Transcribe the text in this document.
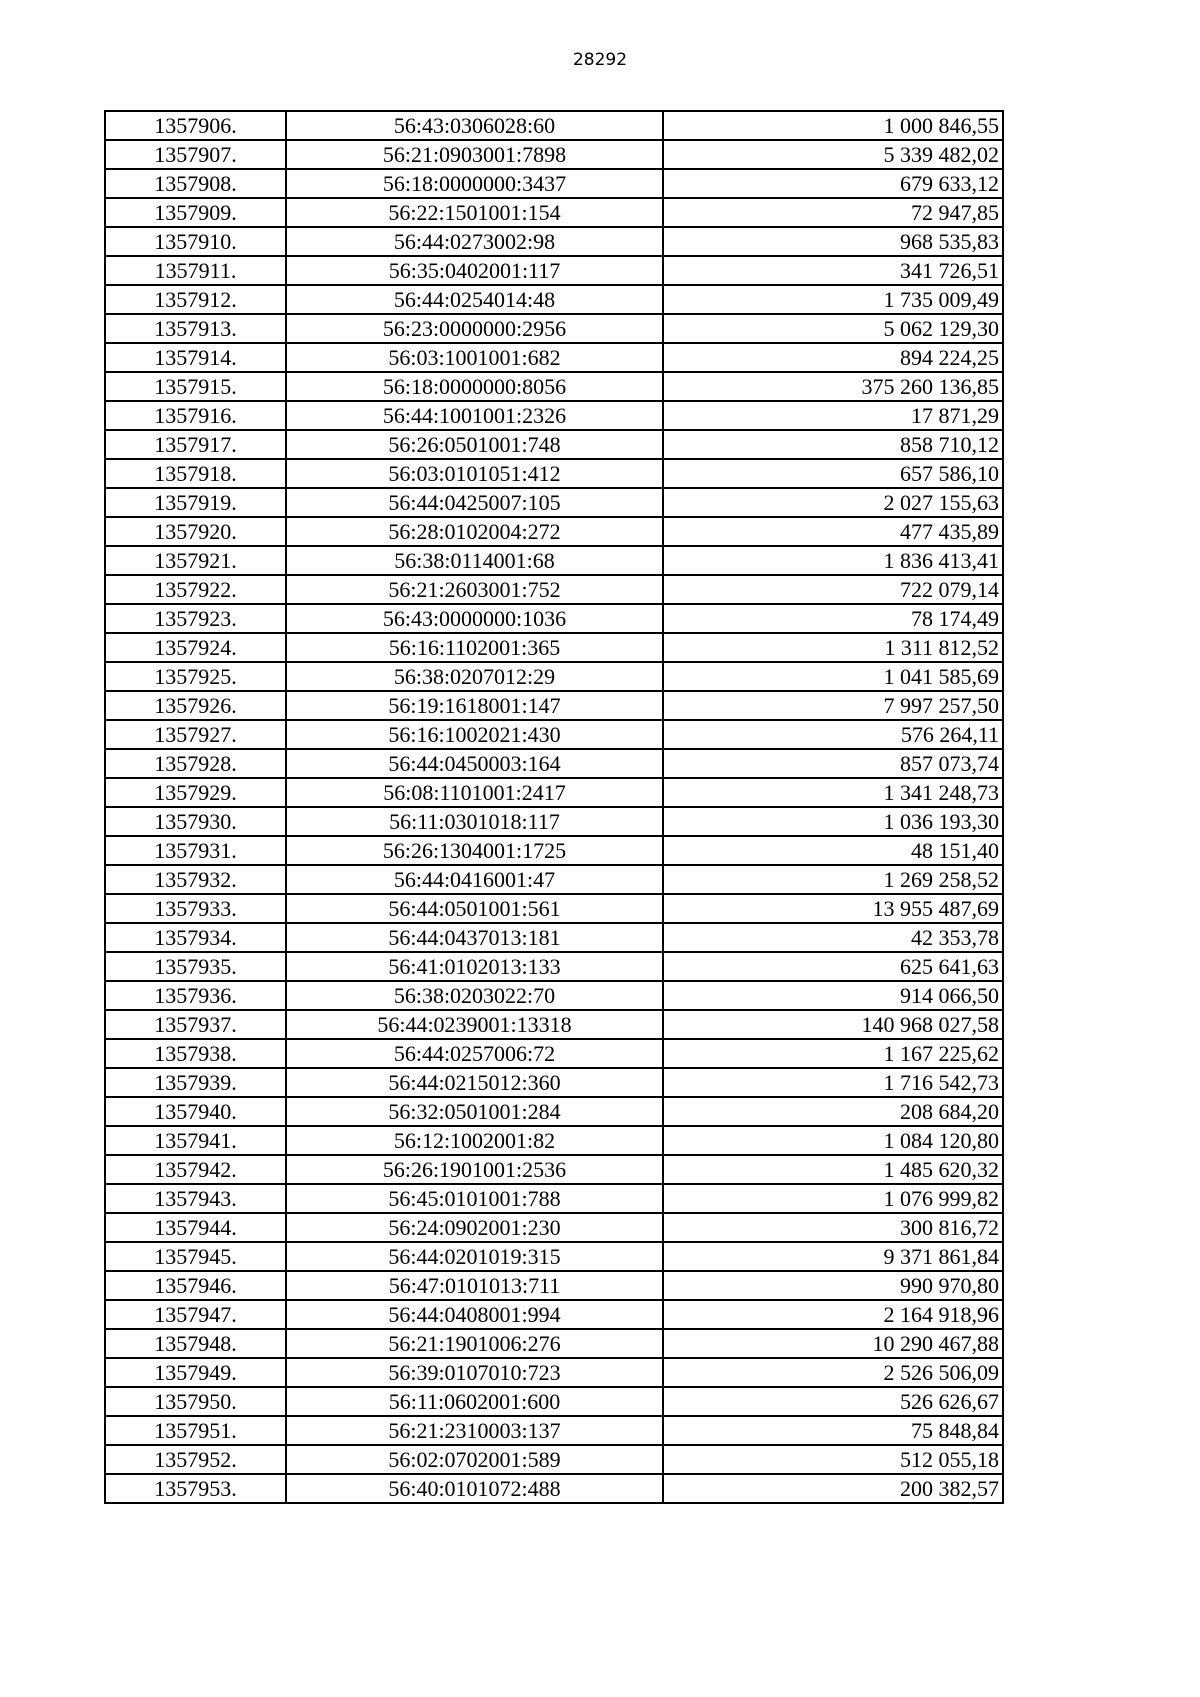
28292
1357906.	56:43:0306028:60	1 000 846,55
1357907.	56:21:0903001:7898	5 339 482,02
1357908.	56:18:0000000:3437	679 633,12
1357909.	56:22:1501001:154	72 947,85
1357910.	56:44:0273002:98	968 535,83
1357911.	56:35:0402001:117	341 726,51
1357912.	56:44:0254014:48	1 735 009,49
1357913.	56:23:0000000:2956	5 062 129,30
1357914.	56:03:1001001:682	894 224,25
1357915.	56:18:0000000:8056	375 260 136,85
1357916.	56:44:1001001:2326	17 871,29
1357917.	56:26:0501001:748	858 710,12
1357918.	56:03:0101051:412	657 586,10
1357919.	56:44:0425007:105	2 027 155,63
1357920.	56:28:0102004:272	477 435,89
1357921.	56:38:0114001:68	1 836 413,41
1357922.	56:21:2603001:752	722 079,14
1357923.	56:43:0000000:1036	78 174,49
1357924.	56:16:1102001:365	1 311 812,52
1357925.	56:38:0207012:29	1 041 585,69
1357926.	56:19:1618001:147	7 997 257,50
1357927.	56:16:1002021:430	576 264,11
1357928.	56:44:0450003:164	857 073,74
1357929.	56:08:1101001:2417	1 341 248,73
1357930.	56:11:0301018:117	1 036 193,30
1357931.	56:26:1304001:1725	48 151,40
1357932.	56:44:0416001:47	1 269 258,52
1357933.	56:44:0501001:561	13 955 487,69
1357934.	56:44:0437013:181	42 353,78
1357935.	56:41:0102013:133	625 641,63
1357936.	56:38:0203022:70	914 066,50
1357937.	56:44:0239001:13318	140 968 027,58
1357938.	56:44:0257006:72	1 167 225,62
1357939.	56:44:0215012:360	1 716 542,73
1357940.	56:32:0501001:284	208 684,20
1357941.	56:12:1002001:82	1 084 120,80
1357942.	56:26:1901001:2536	1 485 620,32
1357943.	56:45:0101001:788	1 076 999,82
1357944.	56:24:0902001:230	300 816,72
1357945.	56:44:0201019:315	9 371 861,84
1357946.	56:47:0101013:711	990 970,80
1357947.	56:44:0408001:994	2 164 918,96
1357948.	56:21:1901006:276	10 290 467,88
1357949.	56:39:0107010:723	2 526 506,09
1357950.	56:11:0602001:600	526 626,67
1357951.	56:21:2310003:137	75 848,84
1357952.	56:02:0702001:589	512 055,18
1357953.	56:40:0101072:488	200 382,57
